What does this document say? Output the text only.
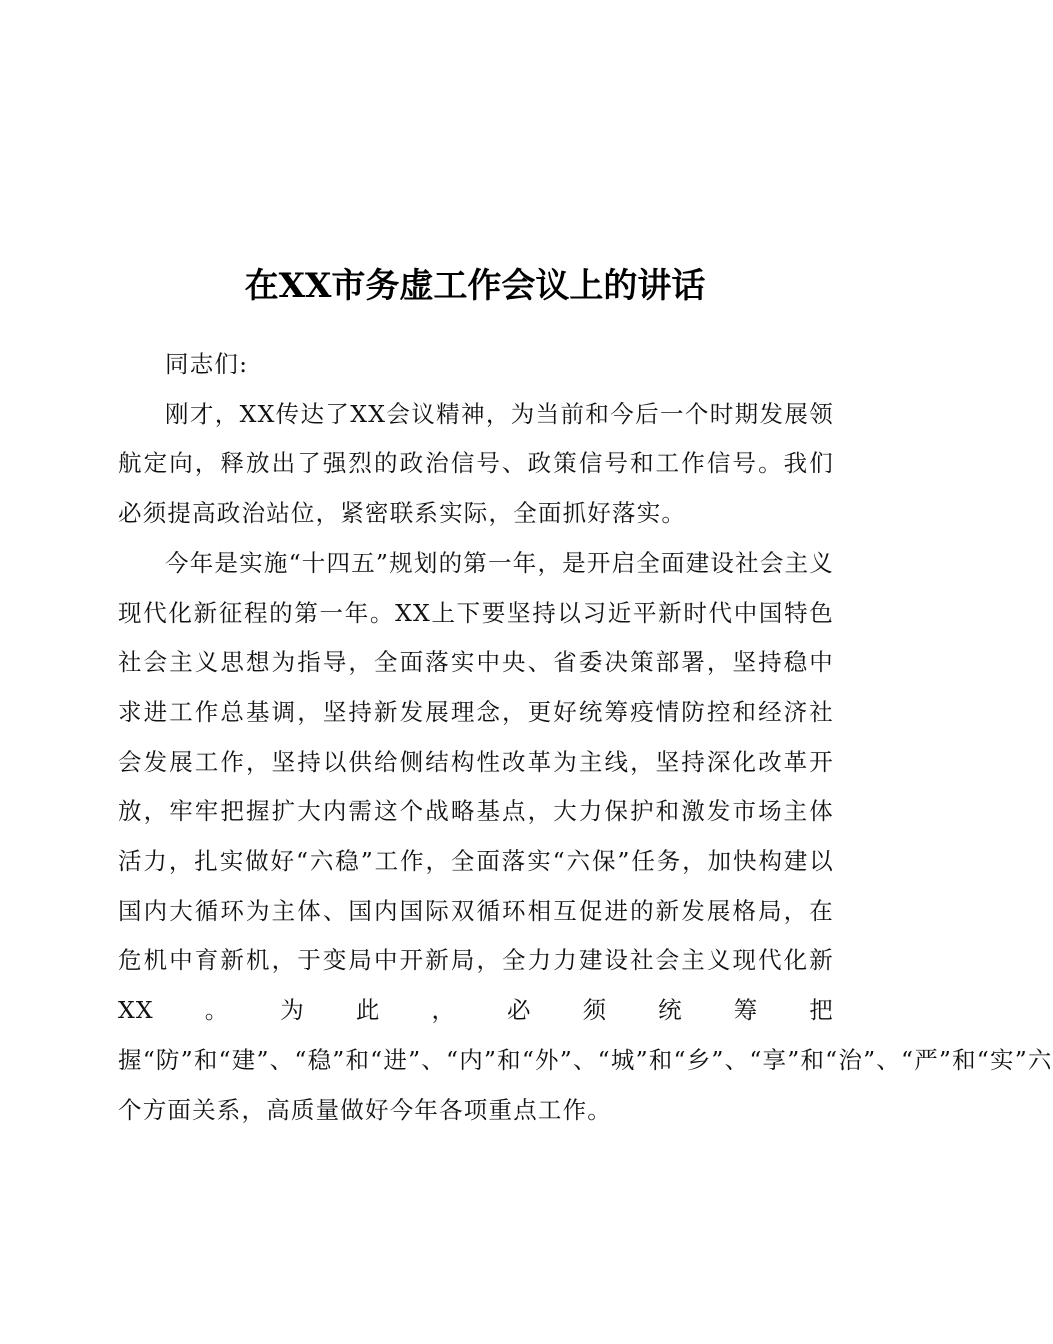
在XX市务虚工作会议上的讲话

同志们:

刚才，XX传达了XX会议精神，为当前和今后一个时期发展领航定向，释放出了强烈的政治信号、政策信号和工作信号。我们必须提高政治站位，紧密联系实际，全面抓好落实。

今年是实施“十四五”规划的第一年，是开启全面建设社会主义现代化新征程的第一年。XX上下要坚持以习近平新时代中国特色社会主义思想为指导，全面落实中央、省委决策部署，坚持稳中求进工作总基调，坚持新发展理念，更好统筹疫情防控和经济社会发展工作，坚持以供给侧结构性改革为主线，坚持深化改革开放，牢牢把握扩大内需这个战略基点，大力保护和激发市场主体活力，扎实做好“六稳”工作，全面落实“六保”任务，加快构建以国内大循环为主体、国内国际双循环相互促进的新发展格局，在危机中育新机，于变局中开新局，全力力建设社会主义现代化新XX。为此，必须统筹把握“防”和“建”、“稳”和“进”、“内”和“外”、“城”和“乡”、“享”和“治”、“严”和“实”六个方面关系，高质量做好今年各项重点工作。
